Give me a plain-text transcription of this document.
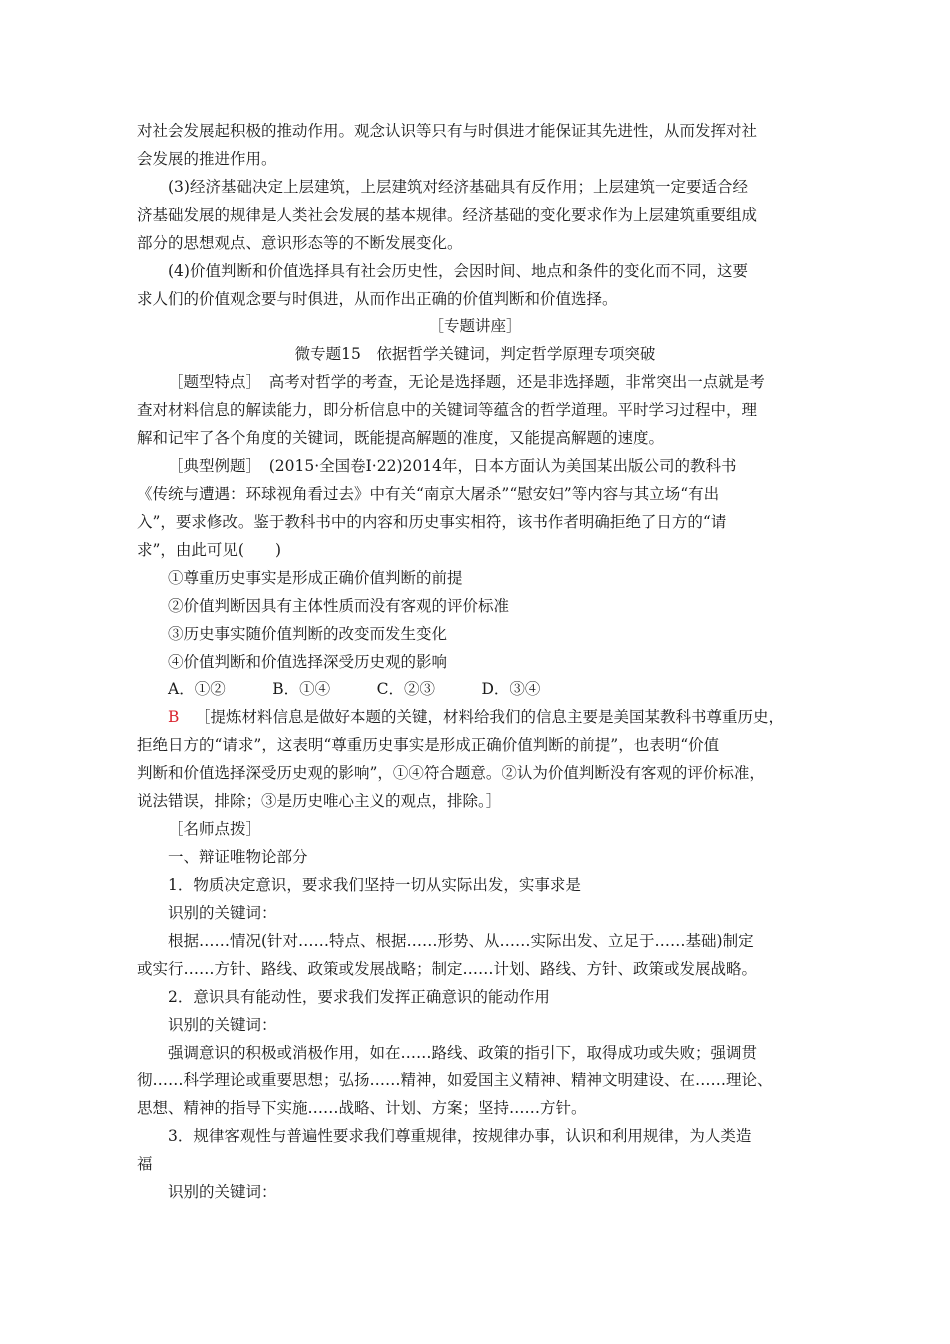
对社会发展起积极的推动作用。观念认识等只有与时俱进才能保证其先进性，从而发挥对社
会发展的推进作用。
(3)经济基础决定上层建筑，上层建筑对经济基础具有反作用；上层建筑一定要适合经
济基础发展的规律是人类社会发展的基本规律。经济基础的变化要求作为上层建筑重要组成
部分的思想观点、意识形态等的不断发展变化。
(4)价值判断和价值选择具有社会历史性，会因时间、地点和条件的变化而不同，这要
求人们的价值观念要与时俱进，从而作出正确的价值判断和价值选择。
［专题讲座］
微专题15　依据哲学关键词，判定哲学原理专项突破
［题型特点］　高考对哲学的考查，无论是选择题，还是非选择题，非常突出一点就是考
查对材料信息的解读能力，即分析信息中的关键词等蕴含的哲学道理。平时学习过程中，理
解和记牢了各个角度的关键词，既能提高解题的准度，又能提高解题的速度。
［典型例题］　(2015·全国卷Ⅰ·22)2014年，日本方面认为美国某出版公司的教科书
《传统与遭遇：环球视角看过去》中有关“南京大屠杀”“慰安妇”等内容与其立场“有出
入”，要求修改。鉴于教科书中的内容和历史事实相符，该书作者明确拒绝了日方的“请
求”，由此可见(　　)
①尊重历史事实是形成正确价值判断的前提
②价值判断因具有主体性质而没有客观的评价标准
③历史事实随价值判断的改变而发生变化
④价值判断和价值选择深受历史观的影响
A．①②　　　B．①④　　　C．②③　　　D．③④
B ［提炼材料信息是做好本题的关键，材料给我们的信息主要是美国某教科书尊重历史，
拒绝日方的“请求”，这表明“尊重历史事实是形成正确价值判断的前提”，也表明“价值
判断和价值选择深受历史观的影响”，①④符合题意。②认为价值判断没有客观的评价标准，
说法错误，排除；③是历史唯心主义的观点，排除。］
［名师点拨］
一、辩证唯物论部分
1．物质决定意识，要求我们坚持一切从实际出发，实事求是
识别的关键词：
根据……情况(针对……特点、根据……形势、从……实际出发、立足于……基础)制定
或实行……方针、路线、政策或发展战略；制定……计划、路线、方针、政策或发展战略。
2．意识具有能动性，要求我们发挥正确意识的能动作用
识别的关键词：
强调意识的积极或消极作用，如在……路线、政策的指引下，取得成功或失败；强调贯
彻……科学理论或重要思想；弘扬……精神，如爱国主义精神、精神文明建设、在……理论、
思想、精神的指导下实施……战略、计划、方案；坚持……方针。
3．规律客观性与普遍性要求我们尊重规律，按规律办事，认识和利用规律，为人类造
福
识别的关键词：
